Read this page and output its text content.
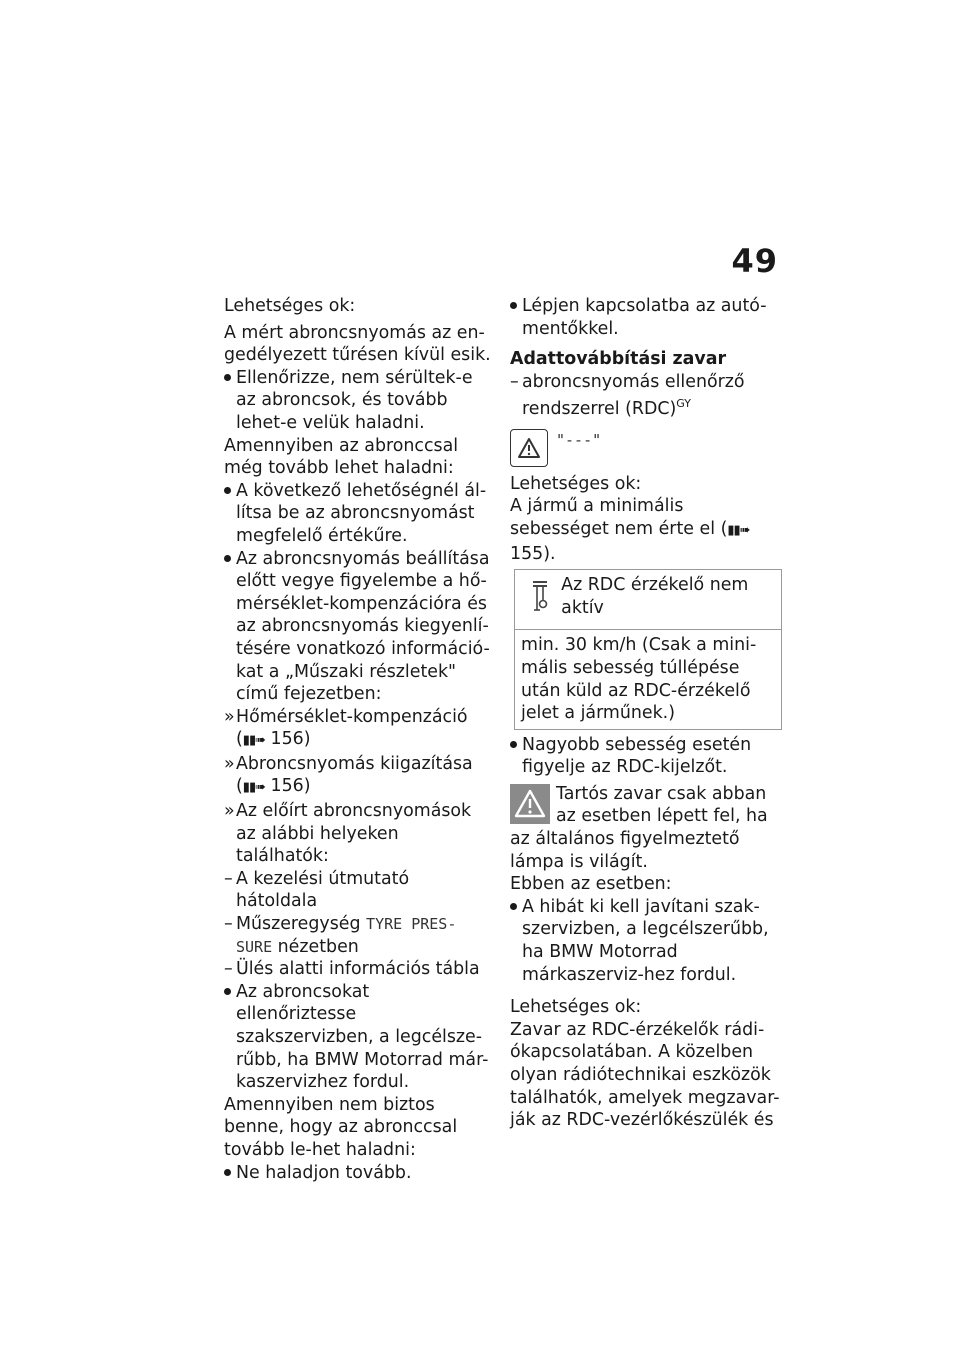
49

Lehetséges ok:

A mért abroncsnyomás az en-gedélyezett tűrésen kívül esik.

Ellenőrizze, nem sérültek-e az abroncsok, és tovább lehet-e velük haladni.

Amennyiben az abronccsal még tovább lehet haladni:

A következő lehetőségnél ál-lítsa be az abroncsnyomást megfelelő értékűre.
Az abroncsnyomás beállítása előtt vegye figyelembe a hő-mérséklet-kompenzációra és az abroncsnyomás kiegyenlí-tésére vonatkozó információ-kat a „Műszaki részletek" című fejezetben:
» Hőmérséklet-kompenzáció
(▮▮➠ 156)
» Abroncsnyomás kiigazítása
(▮▮➠ 156)
» Az előírt abroncsnyomások az alábbi helyeken találhatók:
– A kezelési útmutató hátoldala
– Műszeregység TYRE PRES-SURE nézetben
– Ülés alatti információs tábla
Az abroncsokat ellenőriztesse szakszervizben, a legcélsze-rűbb, ha BMW Motorrad már-kaszervizhez fordul.

Amennyiben nem biztos benne, hogy az abronccsal tovább le-het haladni:

Ne haladjon tovább.
Lépjen kapcsolatba az autó-mentőkkel.

Adattovábbítási zavar

– abroncsnyomás ellenőrző rendszerrel (RDC)$^{GY}$
"---"

Lehetséges ok:

A jármű a minimális sebességet nem érte el (▮▮➠ 155).

Az RDC érzékelő nem aktív
min. 30 km/h (Csak a mini-mális sebesség túllépése után küld az RDC-érzékelő jelet a járműnek.)
Nagyobb sebesség esetén figyelje az RDC-kijelzőt.
Tartós zavar csak abban az esetben lépett fel, ha az általános figyelmeztető lámpa is világít.

Ebben az esetben:

A hibát ki kell javítani szak-szervizben, a legcélszerűbb, ha BMW Motorrad márkaszerviz-hez fordul.

Lehetséges ok:

Zavar az RDC-érzékelők rádi-ókapcsolatában. A közelben olyan rádiótechnikai eszközök találhatók, amelyek megzavar-ják az RDC-vezérlőkészülék és
